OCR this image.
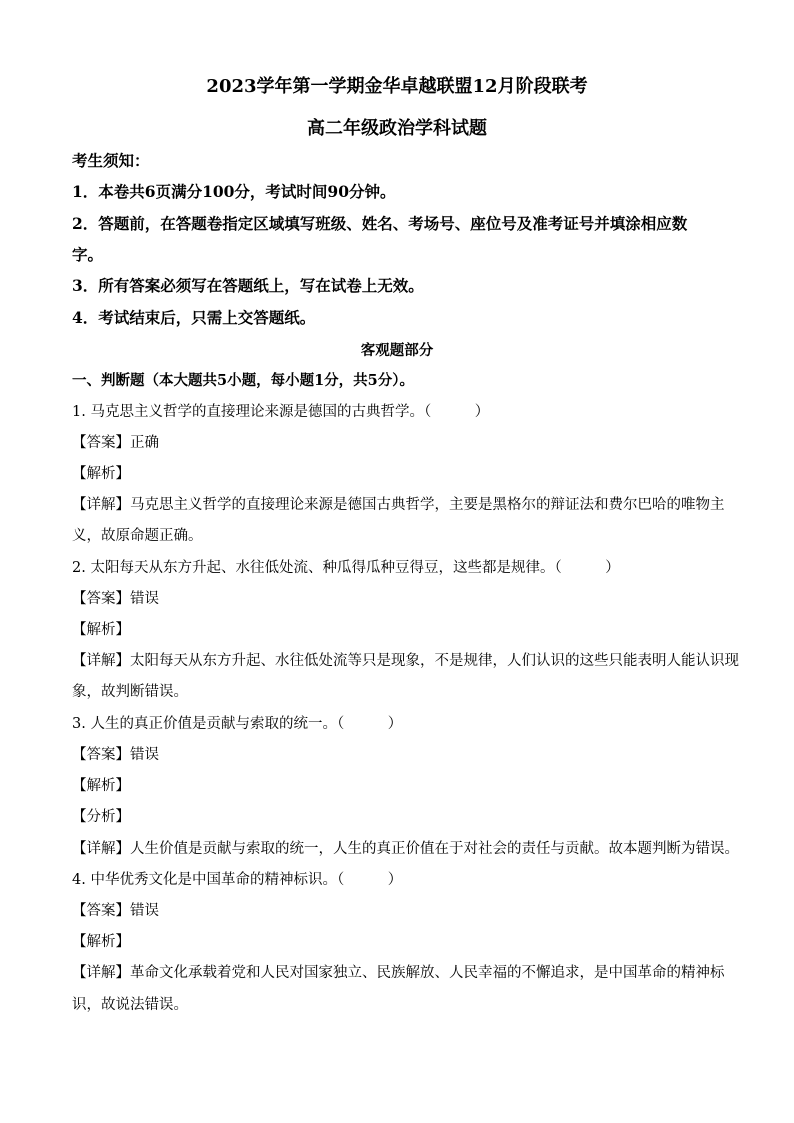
2023学年第一学期金华卓越联盟12月阶段联考
高二年级政治学科试题
考生须知：
1．本卷共6页满分100分，考试时间90分钟。
2．答题前，在答题卷指定区域填写班级、姓名、考场号、座位号及准考证号并填涂相应数
字。
3．所有答案必须写在答题纸上，写在试卷上无效。
4．考试结束后，只需上交答题纸。
客观题部分
一、判断题（本大题共5小题，每小题1分，共5分）。
1. 马克思主义哲学的直接理论来源是德国的古典哲学。（　　　）
【答案】正确
【解析】
【详解】马克思主义哲学的直接理论来源是德国古典哲学，主要是黑格尔的辩证法和费尔巴哈的唯物主
义，故原命题正确。
2. 太阳每天从东方升起、水往低处流、种瓜得瓜种豆得豆，这些都是规律。（　　　）
【答案】错误
【解析】
【详解】太阳每天从东方升起、水往低处流等只是现象，不是规律，人们认识的这些只能表明人能认识现
象，故判断错误。
3. 人生的真正价值是贡献与索取的统一。（　　　）
【答案】错误
【解析】
【分析】
【详解】人生价值是贡献与索取的统一，人生的真正价值在于对社会的责任与贡献。故本题判断为错误。
4. 中华优秀文化是中国革命的精神标识。（　　　）
【答案】错误
【解析】
【详解】革命文化承载着党和人民对国家独立、民族解放、人民幸福的不懈追求，是中国革命的精神标
识，故说法错误。
